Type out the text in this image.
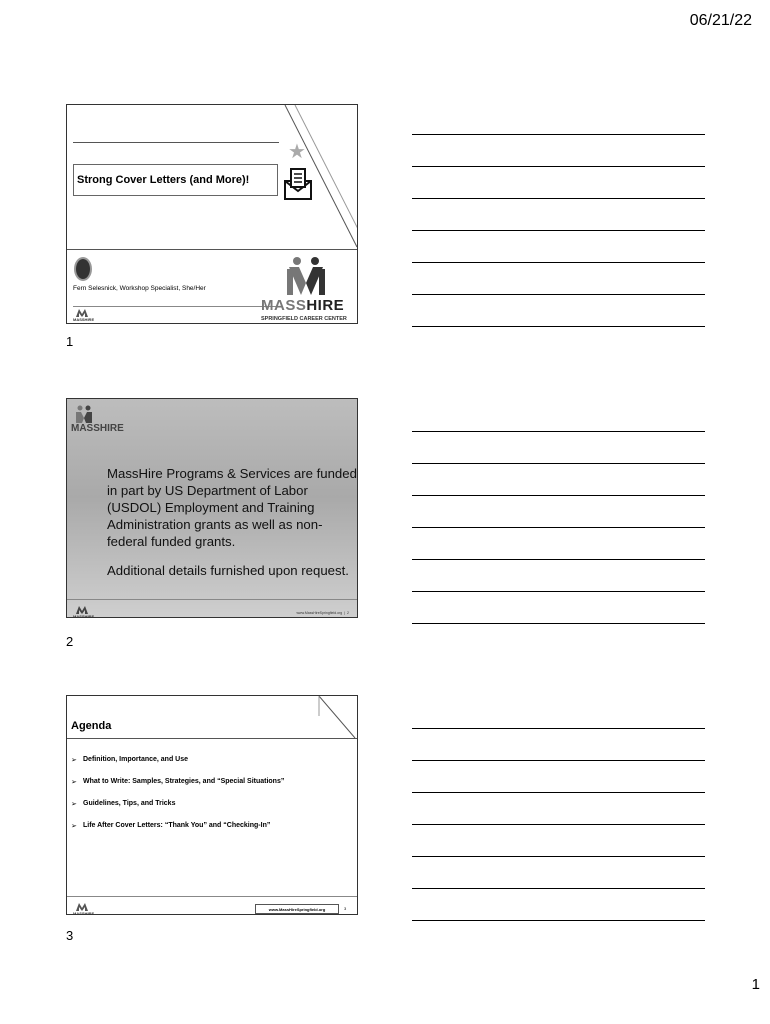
06/21/22
Strong Cover Letters (and More)!
★
Fern Selesnick, Workshop Specialist, She/Her
MASSHIRE
SPRINGFIELD CAREER CENTER
MASSHIRE
1
MASSHIRE

MassHire Programs & Services are funded in part by US Department of Labor (USDOL) Employment and Training Administration grants as well as non-federal funded grants.

Additional details furnished upon request.

MASSHIRE
www.MassHireSpringfield.org  |  2
2
Agenda
➢ Definition, Importance, and Use
➢ What to Write: Samples, Strategies, and “Special Situations”
➢ Guidelines, Tips, and Tricks
➢ Life After Cover Letters: “Thank You” and “Checking-In”
MASSHIRE
www.MassHireSpringfield.org	3
3
1
